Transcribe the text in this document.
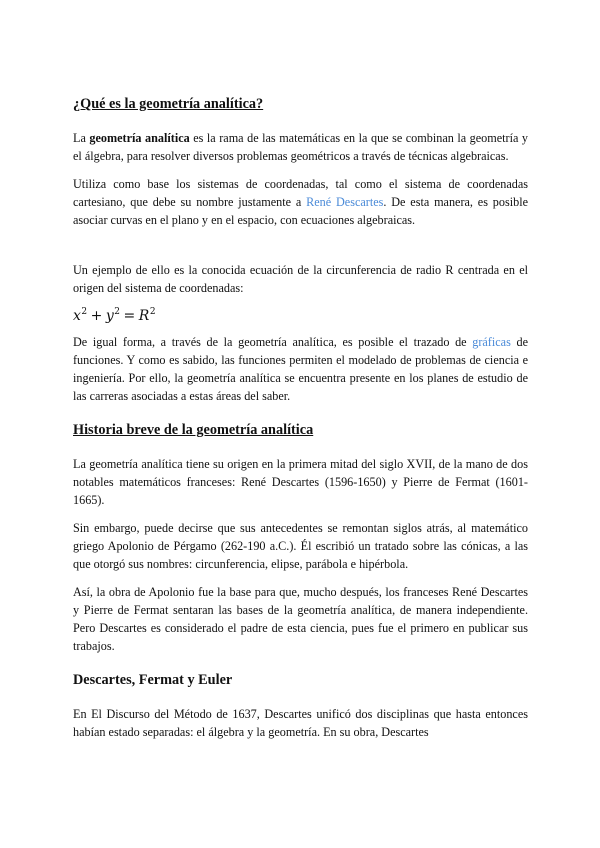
¿Qué es la geometría analítica?

La geometría analítica es la rama de las matemáticas en la que se combinan la geometría y el álgebra, para resolver diversos problemas geométricos a través de técnicas algebraicas.

Utiliza como base los sistemas de coordenadas, tal como el sistema de coordenadas cartesiano, que debe su nombre justamente a René Descartes. De esta manera, es posible asociar curvas en el plano y en el espacio, con ecuaciones algebraicas.

Un ejemplo de ello es la conocida ecuación de la circunferencia de radio R centrada en el origen del sistema de coordenadas:

$x^2 + y^2 = R^2$

De igual forma, a través de la geometría analítica, es posible el trazado de gráficas de funciones. Y como es sabido, las funciones permiten el modelado de problemas de ciencia e ingeniería. Por ello, la geometría analítica se encuentra presente en los planes de estudio de las carreras asociadas a estas áreas del saber.

Historia breve de la geometría analítica

La geometría analítica tiene su origen en la primera mitad del siglo XVII, de la mano de dos notables matemáticos franceses: René Descartes (1596-1650) y Pierre de Fermat (1601-1665).

Sin embargo, puede decirse que sus antecedentes se remontan siglos atrás, al matemático griego Apolonio de Pérgamo (262-190 a.C.). Él escribió un tratado sobre las cónicas, a las que otorgó sus nombres: circunferencia, elipse, parábola e hipérbola.

Así, la obra de Apolonio fue la base para que, mucho después, los franceses René Descartes y Pierre de Fermat sentaran las bases de la geometría analítica, de manera independiente. Pero Descartes es considerado el padre de esta ciencia, pues fue el primero en publicar sus trabajos.

Descartes, Fermat y Euler

En El Discurso del Método de 1637, Descartes unificó dos disciplinas que hasta entonces habían estado separadas: el álgebra y la geometría. En su obra, Descartes
